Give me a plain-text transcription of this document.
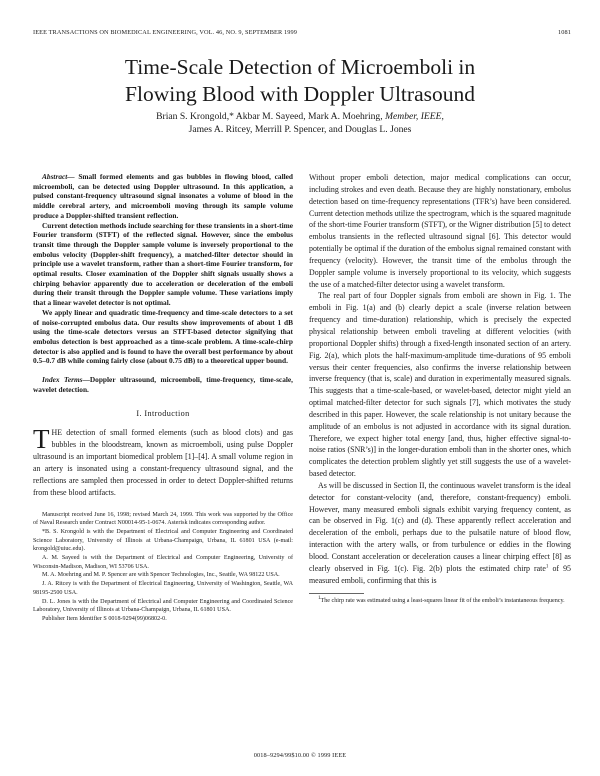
IEEE TRANSACTIONS ON BIOMEDICAL ENGINEERING, VOL. 46, NO. 9, SEPTEMBER 1999	1081
Time-Scale Detection of Microemboli in
Flowing Blood with Doppler Ultrasound
Brian S. Krongold,* Akbar M. Sayeed, Mark A. Moehring, Member, IEEE,
James A. Ritcey, Merrill P. Spencer, and Douglas L. Jones

Abstract— Small formed elements and gas bubbles in flowing blood, called microemboli, can be detected using Doppler ultrasound. In this application, a pulsed constant-frequency ultrasound signal insonates a volume of blood in the middle cerebral artery, and microemboli moving through its sample volume produce a Doppler-shifted transient reflection.

Current detection methods include searching for these transients in a short-time Fourier transform (STFT) of the reflected signal. However, since the embolus transit time through the Doppler sample volume is inversely proportional to the embolus velocity (Doppler-shift frequency), a matched-filter detector should in principle use a wavelet transform, rather than a short-time Fourier transform, for optimal results. Closer examination of the Doppler shift signals usually shows a chirping behavior apparently due to acceleration or deceleration of the emboli during their transit through the Doppler sample volume. These variations imply that a linear wavelet detector is not optimal.

We apply linear and quadratic time-frequency and time-scale detectors to a set of noise-corrupted embolus data. Our results show improvements of about 1 dB using the time-scale detectors versus an STFT-based detector signifying that embolus detection is best approached as a time-scale problem. A time-scale-chirp detector is also applied and is found to have the overall best performance by about 0.5–0.7 dB while coming fairly close (about 0.75 dB) to a theoretical upper bound.

Index Terms—Doppler ultrasound, microemboli, time-frequency, time-scale, wavelet detection.
I. Introduction

THE detection of small formed elements (such as blood clots) and gas bubbles in the bloodstream, known as microemboli, using pulse Doppler ultrasound is an important biomedical problem [1]–[4]. A small volume region in an artery is insonated using a constant-frequency ultrasound signal, and the reflections are sampled then processed in order to detect Doppler-shifted returns from these blood artifacts.

Manuscript received June 16, 1998; revised March 24, 1999. This work was supported by the Office of Naval Research under Contract N00014-95-1-0674. Asterisk indicates corresponding author.

*B. S. Krongold is with the Department of Electrical and Computer Engineering and Coordinated Science Laboratory, University of Illinois at Urbana-Champaign, Urbana, IL 61801 USA (e-mail: krongold@uiuc.edu).

A. M. Sayeed is with the Department of Electrical and Computer Engineering, University of Wisconsin-Madison, Madison, WI 53706 USA.

M. A. Moehring and M. P. Spencer are with Spencer Technologies, Inc., Seattle, WA 98122 USA.

J. A. Ritcey is with the Department of Electrical Engineering, University of Washington, Seattle, WA 98195-2500 USA.

D. L. Jones is with the Department of Electrical and Computer Engineering and Coordinated Science Laboratory, University of Illinois at Urbana-Champaign, Urbana, IL 61801 USA.

Publisher Item Identifier S 0018-9294(99)06802-0.

Without proper emboli detection, major medical complications can occur, including strokes and even death. Because they are highly nonstationary, embolus detection based on time-frequency representations (TFR’s) have been considered. Current detection methods utilize the spectrogram, which is the squared magnitude of the short-time Fourier transform (STFT), or the Wigner distribution [5] to detect embolus transients in the reflected ultrasound signal [6]. This detector would potentially be optimal if the duration of the embolus signal remained constant with frequency (velocity). However, the transit time of the embolus through the Doppler sample volume is inversely proportional to its velocity, which suggests the use of a matched-filter detector using a wavelet transform.

The real part of four Doppler signals from emboli are shown in Fig. 1. The emboli in Fig. 1(a) and (b) clearly depict a scale (inverse relation between frequency and time-duration) relationship, which is precisely the expected physical relationship between emboli traveling at different velocities (with proportional Doppler shifts) through a fixed-length insonated section of an artery. Fig. 2(a), which plots the half-maximum-amplitude time-durations of 95 emboli versus their center frequencies, also confirms the inverse relationship between inverse frequency (that is, scale) and duration in experimentally measured signals. This suggests that a time-scale-based, or wavelet-based, detector might yield an optimal matched-filter detector for such signals [7], which motivates the study described in this paper. However, the scale relationship is not unitary because the amplitude of an embolus is not adjusted in accordance with its signal duration. Therefore, we expect higher total energy [and, thus, higher effective signal-to-noise ratios (SNR’s)] in the longer-duration emboli than in the shorter ones, which complicates the detection problem slightly yet still suggests the use of a wavelet-based detector.

As will be discussed in Section II, the continuous wavelet transform is the ideal detector for constant-velocity (and, therefore, constant-frequency) emboli. However, many measured emboli signals exhibit varying frequency content, as can be observed in Fig. 1(c) and (d). These apparently reflect acceleration and deceleration of the emboli, perhaps due to the pulsatile nature of blood flow, interaction with the artery walls, or from turbulence or eddies in the flowing blood. Constant acceleration or deceleration causes a linear chirping effect [8] as clearly observed in Fig. 1(c). Fig. 2(b) plots the estimated chirp rate$^1$ of 95 measured emboli, confirming that this is

$^1$The chirp rate was estimated using a least-squares linear fit of the emboli’s instantaneous frequency.
0018–9294/99$10.00 © 1999 IEEE
